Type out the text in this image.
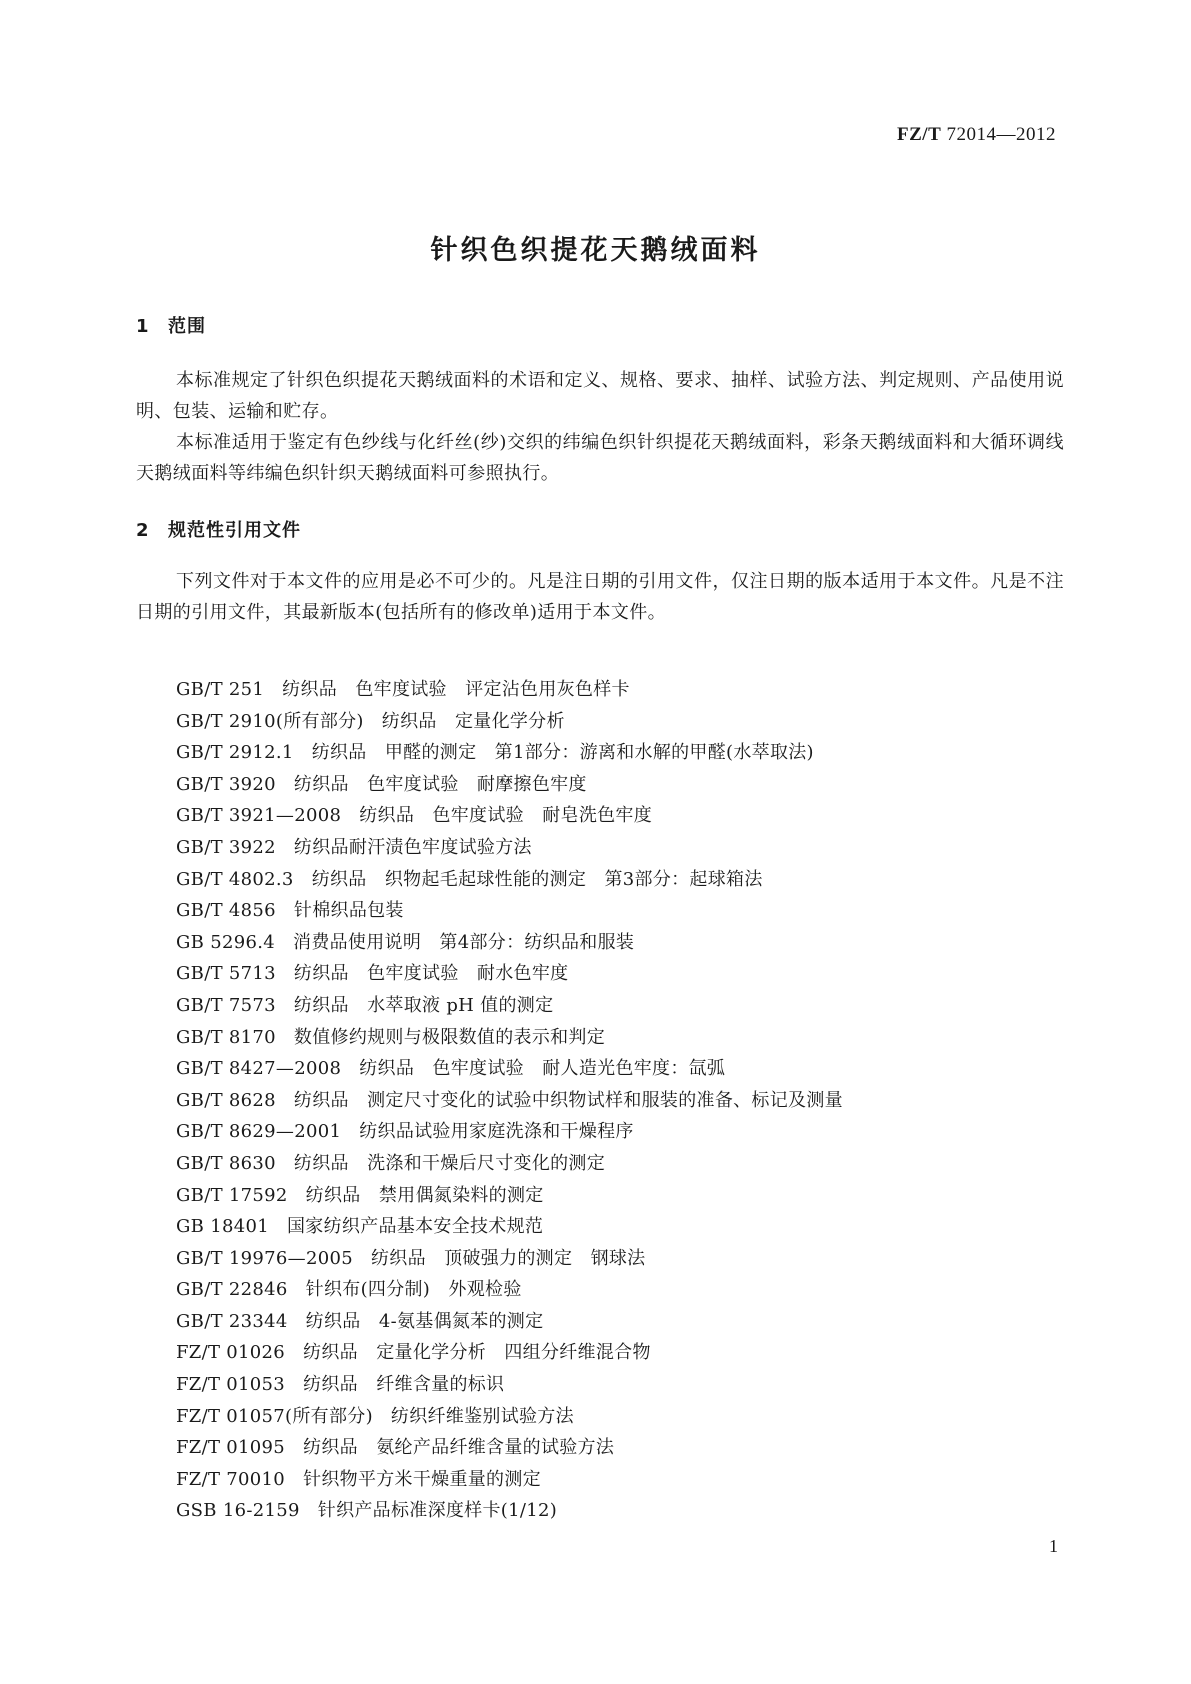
FZ/T 72014—2012
针织色织提花天鹅绒面料
1 范围

本标准规定了针织色织提花天鹅绒面料的术语和定义、规格、要求、抽样、试验方法、判定规则、产品使用说明、包装、运输和贮存。

本标准适用于鉴定有色纱线与化纤丝(纱)交织的纬编色织针织提花天鹅绒面料，彩条天鹅绒面料和大循环调线天鹅绒面料等纬编色织针织天鹅绒面料可参照执行。

2 规范性引用文件

下列文件对于本文件的应用是必不可少的。凡是注日期的引用文件，仅注日期的版本适用于本文件。凡是不注日期的引用文件，其最新版本(包括所有的修改单)适用于本文件。

GB/T 251 纺织品　色牢度试验　评定沾色用灰色样卡
GB/T 2910(所有部分) 纺织品　定量化学分析
GB/T 2912.1 纺织品　甲醛的测定　第1部分：游离和水解的甲醛(水萃取法)
GB/T 3920 纺织品　色牢度试验　耐摩擦色牢度
GB/T 3921—2008 纺织品　色牢度试验　耐皂洗色牢度
GB/T 3922 纺织品耐汗渍色牢度试验方法
GB/T 4802.3 纺织品　织物起毛起球性能的测定　第3部分：起球箱法
GB/T 4856 针棉织品包装
GB 5296.4 消费品使用说明　第4部分：纺织品和服装
GB/T 5713 纺织品　色牢度试验　耐水色牢度
GB/T 7573 纺织品　水萃取液 pH 值的测定
GB/T 8170 数值修约规则与极限数值的表示和判定
GB/T 8427—2008 纺织品　色牢度试验　耐人造光色牢度：氙弧
GB/T 8628 纺织品　测定尺寸变化的试验中织物试样和服装的准备、标记及测量
GB/T 8629—2001 纺织品试验用家庭洗涤和干燥程序
GB/T 8630 纺织品　洗涤和干燥后尺寸变化的测定
GB/T 17592 纺织品　禁用偶氮染料的测定
GB 18401 国家纺织产品基本安全技术规范
GB/T 19976—2005 纺织品　顶破强力的测定　钢球法
GB/T 22846 针织布(四分制)　外观检验
GB/T 23344 纺织品　4-氨基偶氮苯的测定
FZ/T 01026 纺织品　定量化学分析　四组分纤维混合物
FZ/T 01053 纺织品　纤维含量的标识
FZ/T 01057(所有部分) 纺织纤维鉴别试验方法
FZ/T 01095 纺织品　氨纶产品纤维含量的试验方法
FZ/T 70010 针织物平方米干燥重量的测定
GSB 16-2159 针织产品标准深度样卡(1/12)
1
